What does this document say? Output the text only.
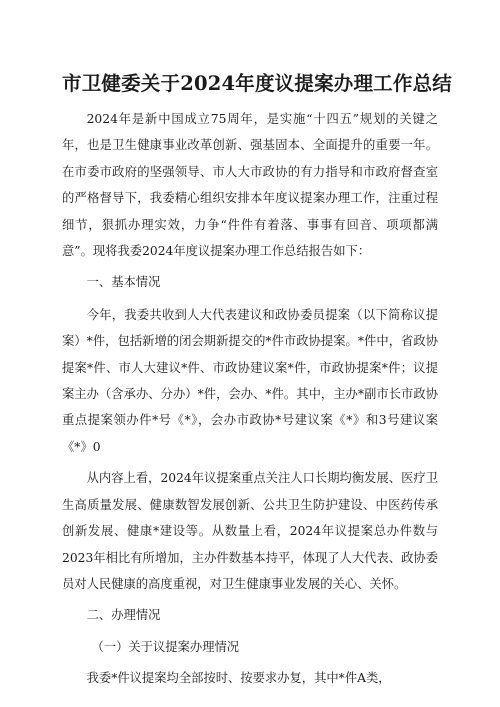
市卫健委关于2024年度议提案办理工作总结

2024年是新中国成立75周年，是实施“十四五”规划的关键之年，也是卫生健康事业改革创新、强基固本、全面提升的重要一年。在市委市政府的坚强领导、市人大市政协的有力指导和市政府督查室的严格督导下，我委精心组织安排本年度议提案办理工作，注重过程细节，狠抓办理实效，力争“件件有着落、事事有回音、项项都满意”。现将我委2024年度议提案办理工作总结报告如下：

一、基本情况

今年，我委共收到人大代表建议和政协委员提案（以下简称议提案）*件，包括新增的闭会期新提交的*件市政协提案。*件中，省政协提案*件、市人大建议*件、市政协建议案*件，市政协提案*件；议提案主办（含承办、分办）*件，会办、*件。其中，主办*副市长市政协重点提案领办件*号《*》，会办市政协*号建议案《*》和3号建议案《*》0

从内容上看，2024年议提案重点关注人口长期均衡发展、医疗卫生高质量发展、健康数智发展创新、公共卫生防护建设、中医药传承创新发展、健康*建设等。从数量上看，2024年议提案总办件数与2023年相比有所增加，主办件数基本持平，体现了人大代表、政协委员对人民健康的高度重视，对卫生健康事业发展的关心、关怀。

二、办理情况

（一）关于议提案办理情况

我委*件议提案均全部按时、按要求办复，其中*件A类，
